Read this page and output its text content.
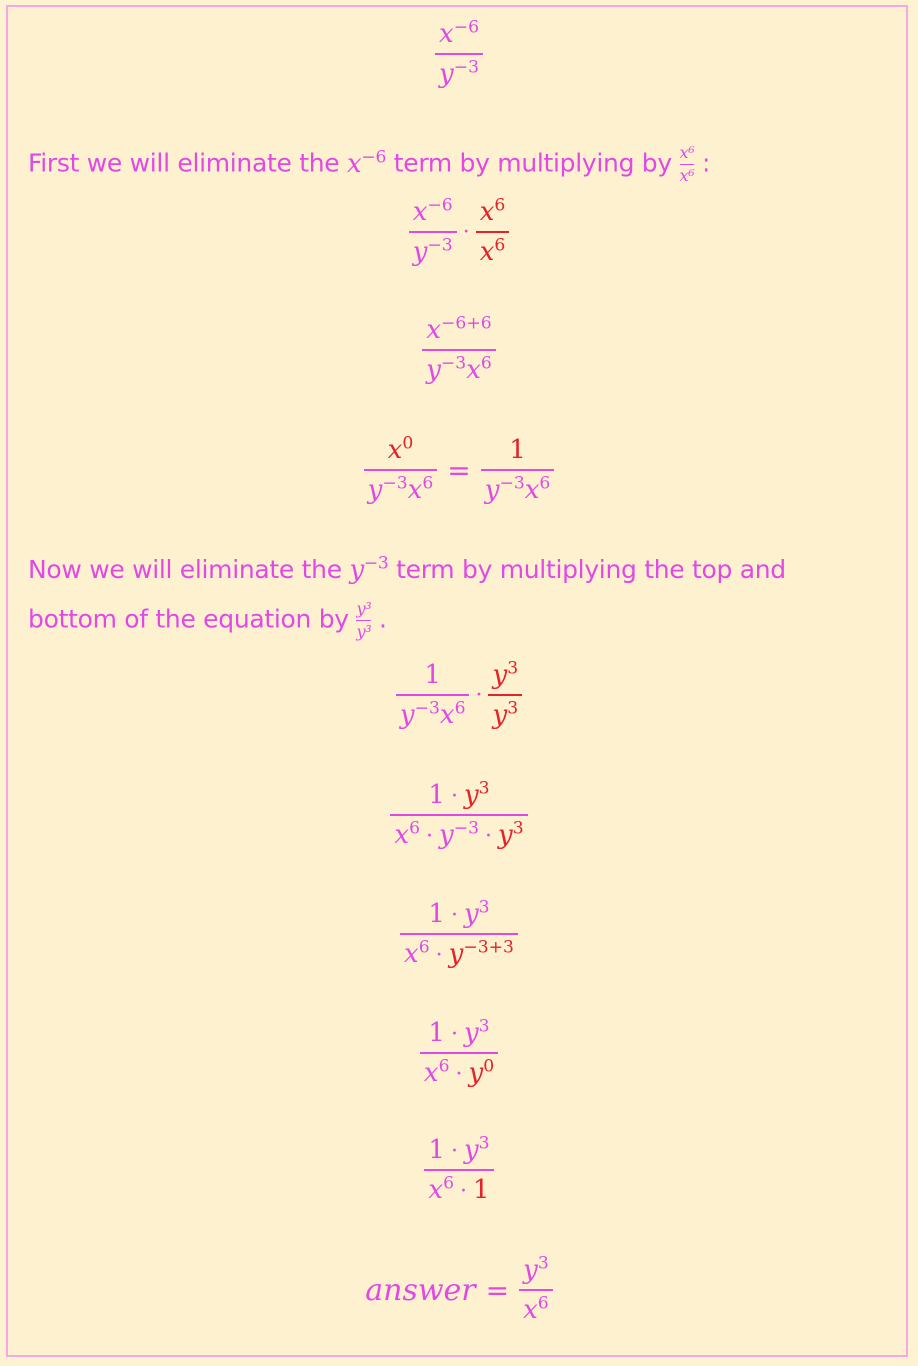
$\frac{x^{-6}}{y^{-3}}$
First we will eliminate the $x^{-6}$ term by multiplying by $\frac{\text{x⁶}}{\text{x⁶}}$ :
$\frac{x^{-6}}{y^{-3}} \cdot \frac{x^6}{x^6}$
$\frac{x^{-6+6}}{y^{-3}x^6}$
$\frac{x^0}{y^{-3}x^6} = \frac{1}{y^{-3}x^6}$
Now we will eliminate the $y^{-3}$ term by multiplying the top and
bottom of the equation by $\frac{\text{y³}}{\text{y³}}$ .
$\frac{1}{y^{-3}x^6} \cdot \frac{y^3}{y^3}$
$\frac{1 \cdot y^3}{x^6 \cdot y^{-3} \cdot y^3}$
$\frac{1 \cdot y^3}{x^6 \cdot y^{-3+3}}$
$\frac{1 \cdot y^3}{x^6 \cdot y^0}$
$\frac{1 \cdot y^3}{x^6 \cdot 1}$
answer = $\frac{y^3}{x^6}$
